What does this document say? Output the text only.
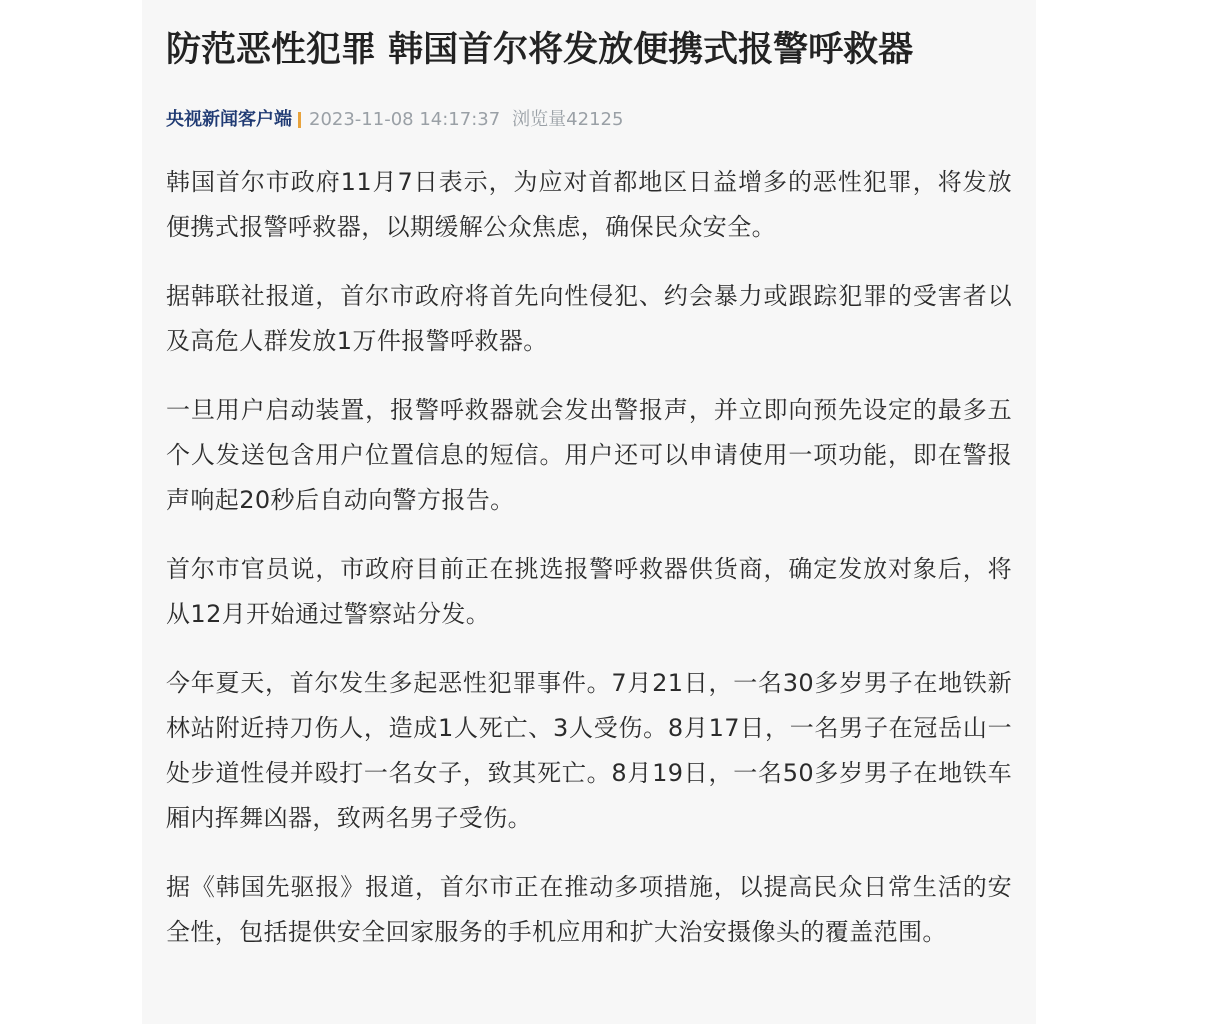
防范恶性犯罪 韩国首尔将发放便携式报警呼救器
央视新闻客户端 2023-11-08 14:17:37 浏览量42125

韩国首尔市政府11月7日表示，为应对首都地区日益增多的恶性犯罪，将发放便携式报警呼救器，以期缓解公众焦虑，确保民众安全。

据韩联社报道，首尔市政府将首先向性侵犯、约会暴力或跟踪犯罪的受害者以及高危人群发放1万件报警呼救器。

一旦用户启动装置，报警呼救器就会发出警报声，并立即向预先设定的最多五个人发送包含用户位置信息的短信。用户还可以申请使用一项功能，即在警报声响起20秒后自动向警方报告。

首尔市官员说，市政府目前正在挑选报警呼救器供货商，确定发放对象后，将从12月开始通过警察站分发。

今年夏天，首尔发生多起恶性犯罪事件。7月21日，一名30多岁男子在地铁新林站附近持刀伤人，造成1人死亡、3人受伤。8月17日，一名男子在冠岳山一处步道性侵并殴打一名女子，致其死亡。8月19日，一名50多岁男子在地铁车厢内挥舞凶器，致两名男子受伤。

据《韩国先驱报》报道，首尔市正在推动多项措施，以提高民众日常生活的安全性，包括提供安全回家服务的手机应用和扩大治安摄像头的覆盖范围。
